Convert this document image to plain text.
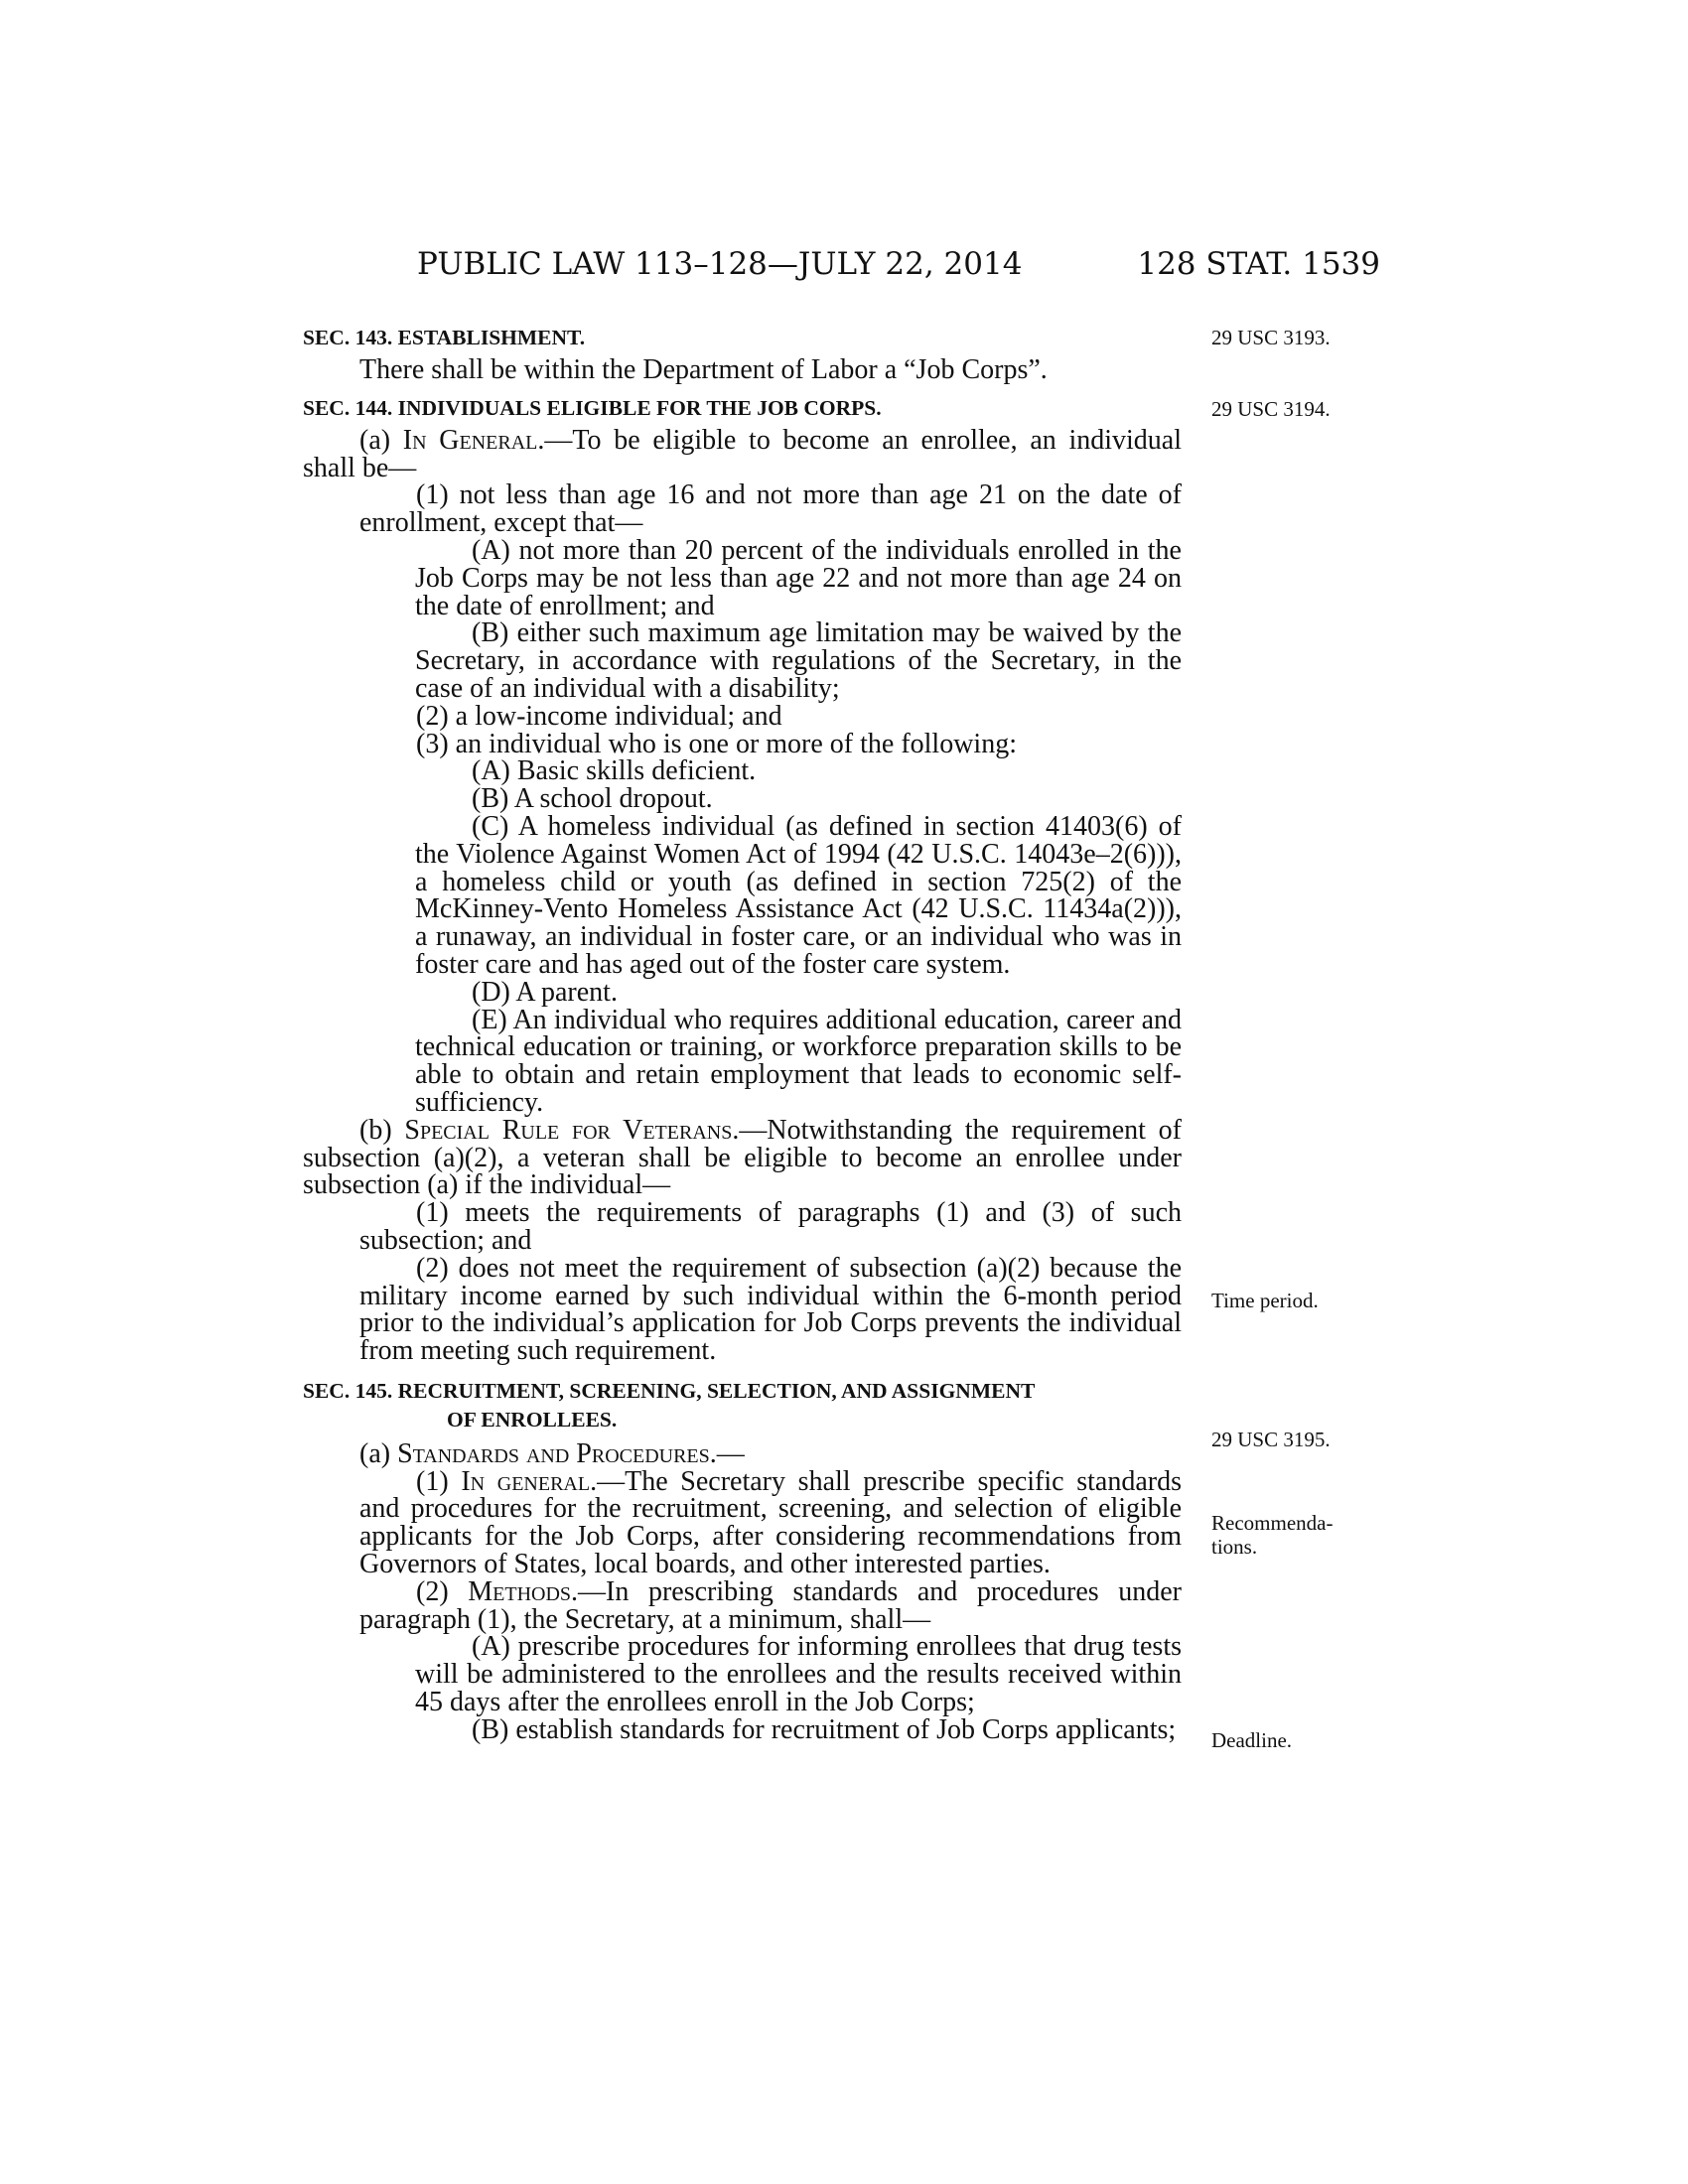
PUBLIC LAW 113–128—JULY 22, 2014	128 STAT. 1539
29 USC 3193.
29 USC 3194.
Time period.
29 USC 3195.
Recommenda-
tions.
Deadline.
SEC. 143. ESTABLISHMENT.

There shall be within the Department of Labor a “Job Corps”.

SEC. 144. INDIVIDUALS ELIGIBLE FOR THE JOB CORPS.

(a) In General.—To be eligible to become an enrollee, an individual shall be—

(1) not less than age 16 and not more than age 21 on the date of enrollment, except that—

(A) not more than 20 percent of the individuals enrolled in the Job Corps may be not less than age 22 and not more than age 24 on the date of enrollment; and

(B) either such maximum age limitation may be waived by the Secretary, in accordance with regulations of the Secretary, in the case of an individual with a disability;

(2) a low-income individual; and

(3) an individual who is one or more of the following:

(A) Basic skills deficient.

(B) A school dropout.

(C) A homeless individual (as defined in section 41403(6) of the Violence Against Women Act of 1994 (42 U.S.C. 14043e–2(6))), a homeless child or youth (as defined in section 725(2) of the McKinney-Vento Homeless Assistance Act (42 U.S.C. 11434a(2))), a runaway, an individual in foster care, or an individual who was in foster care and has aged out of the foster care system.

(D) A parent.

(E) An individual who requires additional education, career and technical education or training, or workforce preparation skills to be able to obtain and retain employment that leads to economic self-sufficiency.

(b) Special Rule for Veterans.—Notwithstanding the requirement of subsection (a)(2), a veteran shall be eligible to become an enrollee under subsection (a) if the individual—

(1) meets the requirements of paragraphs (1) and (3) of such subsection; and

(2) does not meet the requirement of subsection (a)(2) because the military income earned by such individual within the 6-month period prior to the individual’s application for Job Corps prevents the individual from meeting such requirement.

SEC. 145. RECRUITMENT, SCREENING, SELECTION, AND ASSIGNMENT
OF ENROLLEES.

(a) Standards and Procedures.—

(1) In general.—The Secretary shall prescribe specific standards and procedures for the recruitment, screening, and selection of eligible applicants for the Job Corps, after considering recommendations from Governors of States, local boards, and other interested parties.

(2) Methods.—In prescribing standards and procedures under paragraph (1), the Secretary, at a minimum, shall—

(A) prescribe procedures for informing enrollees that drug tests will be administered to the enrollees and the results received within 45 days after the enrollees enroll in the Job Corps;

(B) establish standards for recruitment of Job Corps applicants;
